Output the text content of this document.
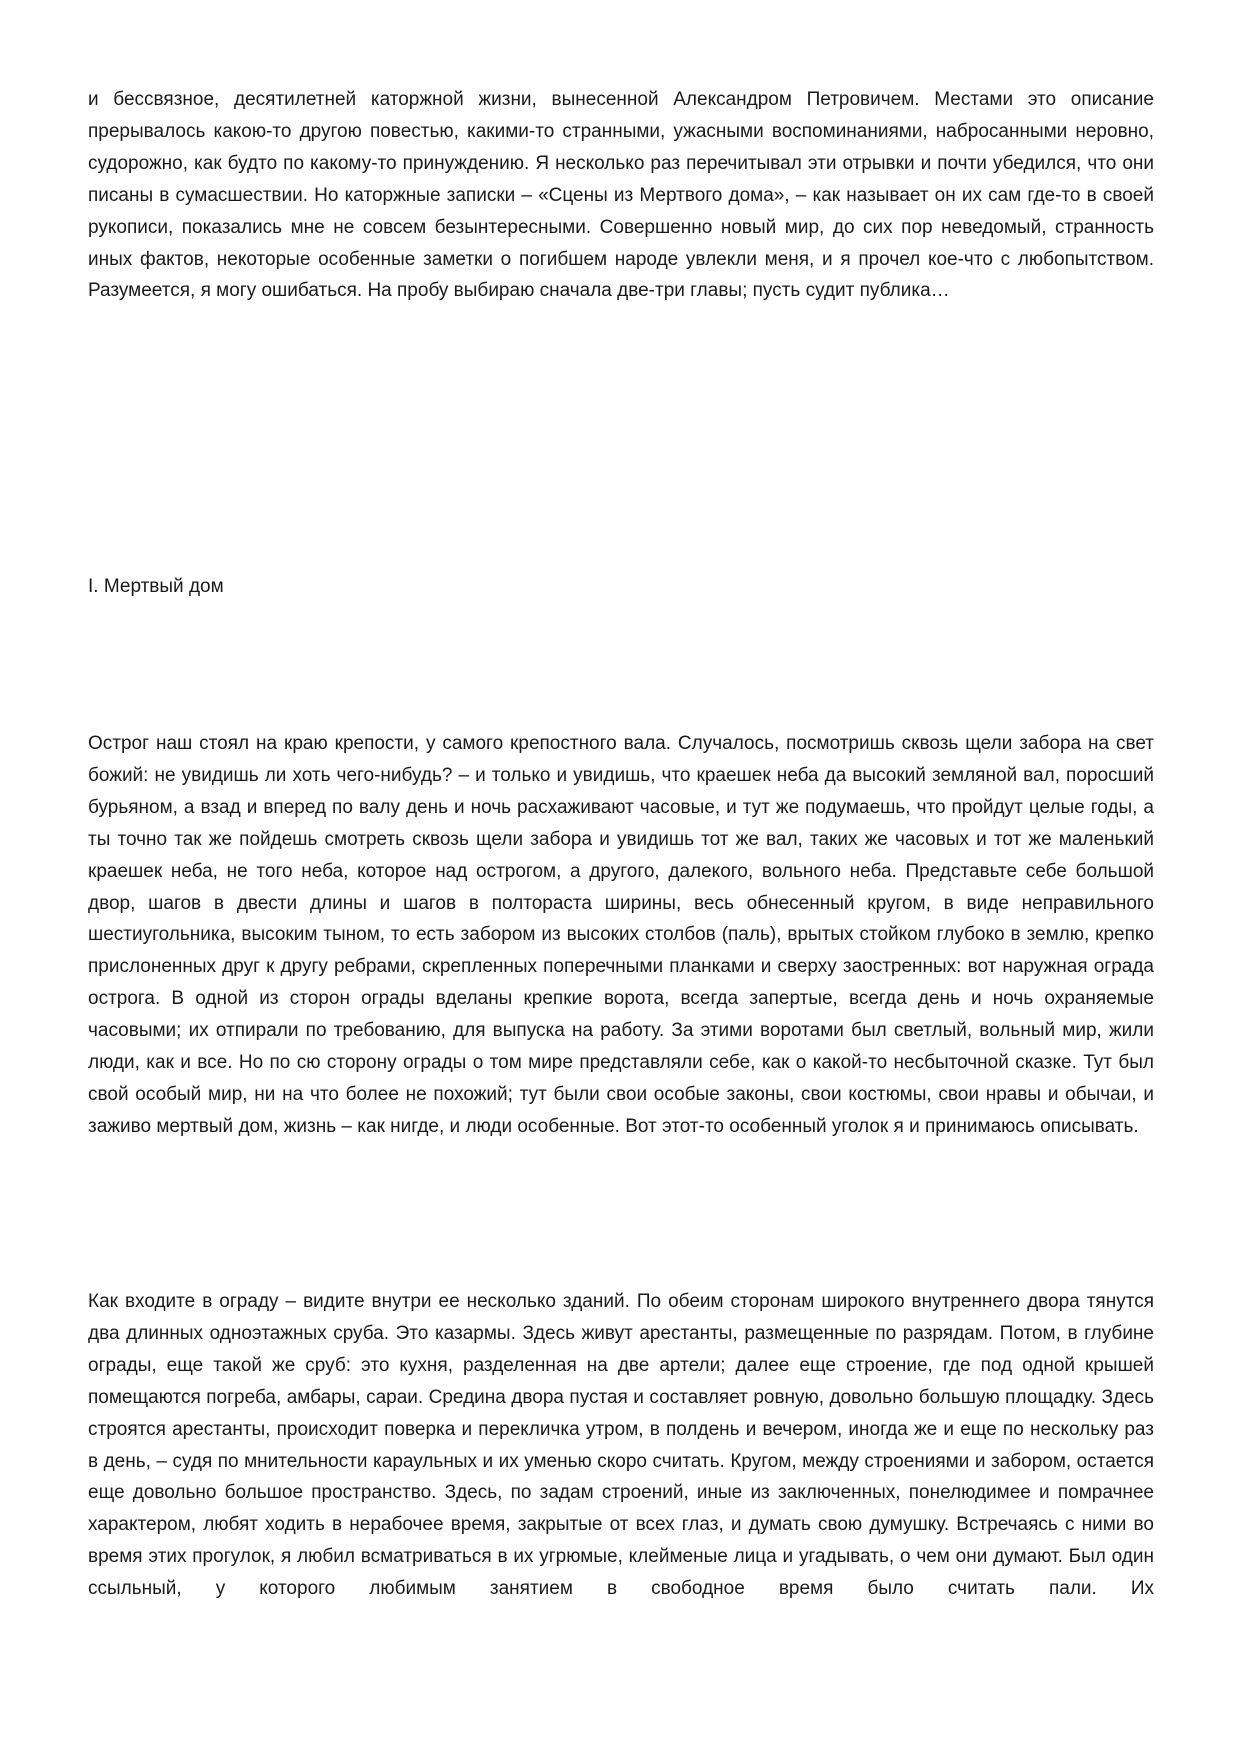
и бессвязное, десятилетней каторжной жизни, вынесенной Александром Петровичем. Местами это описание прерывалось какою-то другою повестью, какими-то странными, ужасными воспоминаниями, набросанными неровно, судорожно, как будто по какому-то принуждению. Я несколько раз перечитывал эти отрывки и почти убедился, что они писаны в сумасшествии. Но каторжные записки – «Сцены из Мертвого дома», – как называет он их сам где-то в своей рукописи, показались мне не совсем безынтересными. Совершенно новый мир, до сих пор неведомый, странность иных фактов, некоторые особенные заметки о погибшем народе увлекли меня, и я прочел кое-что с любопытством. Разумеется, я могу ошибаться. На пробу выбираю сначала две-три главы; пусть судит публика…

I. Мертвый дом

Острог наш стоял на краю крепости, у самого крепостного вала. Случалось, посмотришь сквозь щели забора на свет божий: не увидишь ли хоть чего-нибудь? – и только и увидишь, что краешек неба да высокий земляной вал, поросший бурьяном, а взад и вперед по валу день и ночь расхаживают часовые, и тут же подумаешь, что пройдут целые годы, а ты точно так же пойдешь смотреть сквозь щели забора и увидишь тот же вал, таких же часовых и тот же маленький краешек неба, не того неба, которое над острогом, а другого, далекого, вольного неба. Представьте себе большой двор, шагов в двести длины и шагов в полтораста ширины, весь обнесенный кругом, в виде неправильного шестиугольника, высоким тыном, то есть забором из высоких столбов (паль), врытых стойком глубоко в землю, крепко прислоненных друг к другу ребрами, скрепленных поперечными планками и сверху заостренных: вот наружная ограда острога. В одной из сторон ограды вделаны крепкие ворота, всегда запертые, всегда день и ночь охраняемые часовыми; их отпирали по требованию, для выпуска на работу. За этими воротами был светлый, вольный мир, жили люди, как и все. Но по сю сторону ограды о том мире представляли себе, как о какой-то несбыточной сказке. Тут был свой особый мир, ни на что более не похожий; тут были свои особые законы, свои костюмы, свои нравы и обычаи, и заживо мертвый дом, жизнь – как нигде, и люди особенные. Вот этот-то особенный уголок я и принимаюсь описывать.

Как входите в ограду – видите внутри ее несколько зданий. По обеим сторонам широкого внутреннего двора тянутся два длинных одноэтажных сруба. Это казармы. Здесь живут арестанты, размещенные по разрядам. Потом, в глубине ограды, еще такой же сруб: это кухня, разделенная на две артели; далее еще строение, где под одной крышей помещаются погреба, амбары, сараи. Средина двора пустая и составляет ровную, довольно большую площадку. Здесь строятся арестанты, происходит поверка и перекличка утром, в полдень и вечером, иногда же и еще по нескольку раз в день, – судя по мнительности караульных и их уменью скоро считать. Кругом, между строениями и забором, остается еще довольно большое пространство. Здесь, по задам строений, иные из заключенных, понелюдимее и помрачнее характером, любят ходить в нерабочее время, закрытые от всех глаз, и думать свою думушку. Встречаясь с ними во время этих прогулок, я любил всматриваться в их угрюмые, клейменые лица и угадывать, о чем они думают. Был один ссыльный, у которого любимым занятием в свободное время было считать пали. Их
